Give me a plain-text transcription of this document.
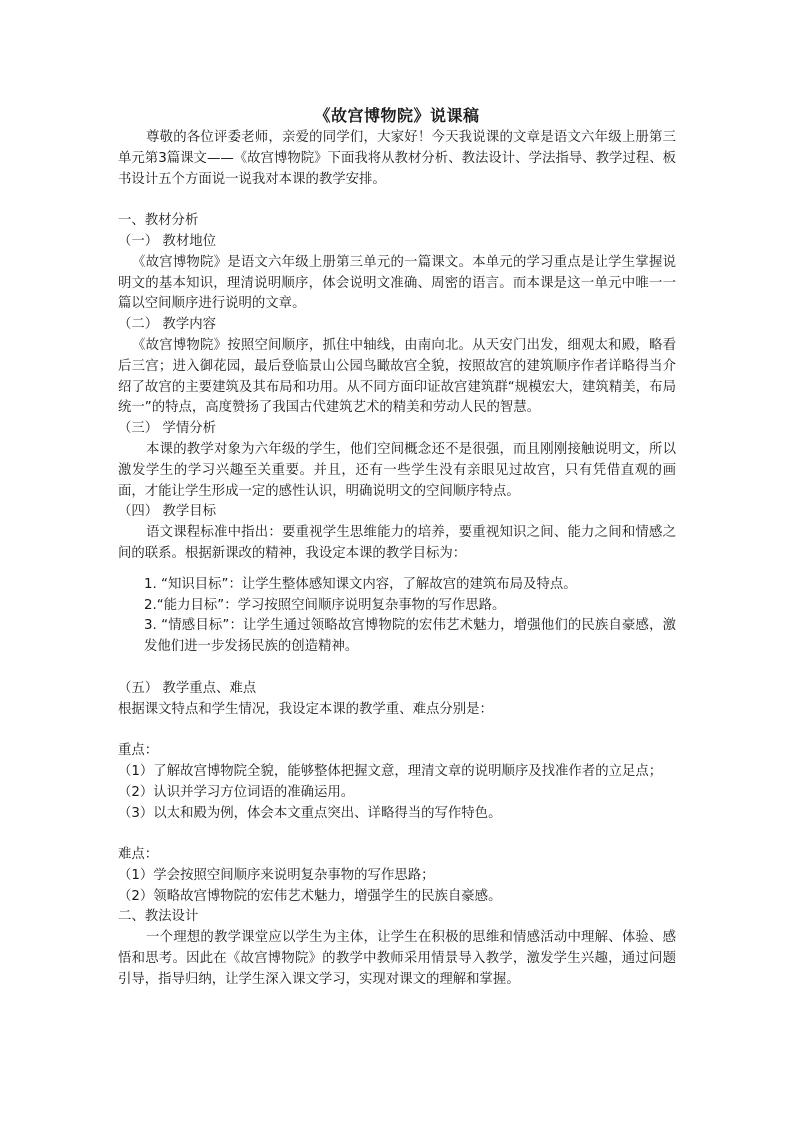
《故宫博物院》说课稿

尊敬的各位评委老师，亲爱的同学们，大家好！今天我说课的文章是语文六年级上册第三单元第3篇课文——《故宫博物院》下面我将从教材分析、教法设计、学法指导、教学过程、板书设计五个方面说一说我对本课的教学安排。

一、教材分析

（一） 教材地位

《故宫博物院》是语文六年级上册第三单元的一篇课文。本单元的学习重点是让学生掌握说明文的基本知识，理清说明顺序，体会说明文准确、周密的语言。而本课是这一单元中唯一一篇以空间顺序进行说明的文章。

（二） 教学内容

《故宫博物院》按照空间顺序，抓住中轴线，由南向北。从天安门出发，细观太和殿，略看后三宫；进入御花园，最后登临景山公园鸟瞰故宫全貌，按照故宫的建筑顺序作者详略得当介绍了故宫的主要建筑及其布局和功用。从不同方面印证故宫建筑群“规模宏大，建筑精美，布局统一”的特点，高度赞扬了我国古代建筑艺术的精美和劳动人民的智慧。

（三） 学情分析

本课的教学对象为六年级的学生，他们空间概念还不是很强，而且刚刚接触说明文，所以激发学生的学习兴趣至关重要。并且，还有一些学生没有亲眼见过故宫，只有凭借直观的画面，才能让学生形成一定的感性认识，明确说明文的空间顺序特点。

（四） 教学目标

语文课程标准中指出：要重视学生思维能力的培养，要重视知识之间、能力之间和情感之间的联系。根据新课改的精神，我设定本课的教学目标为：

1. “知识目标”：让学生整体感知课文内容，了解故宫的建筑布局及特点。

2.“能力目标”：学习按照空间顺序说明复杂事物的写作思路。

3. “情感目标”：让学生通过领略故宫博物院的宏伟艺术魅力，增强他们的民族自豪感，激发他们进一步发扬民族的创造精神。

（五） 教学重点、难点

根据课文特点和学生情况，我设定本课的教学重、难点分别是：

重点：

（1）了解故宫博物院全貌，能够整体把握文意，理清文章的说明顺序及找准作者的立足点；

（2）认识并学习方位词语的准确运用。

（3）以太和殿为例，体会本文重点突出、详略得当的写作特色。

难点：

（1）学会按照空间顺序来说明复杂事物的写作思路；

（2）领略故宫博物院的宏伟艺术魅力，增强学生的民族自豪感。

二、教法设计

一个理想的教学课堂应以学生为主体，让学生在积极的思维和情感活动中理解、体验、感悟和思考。因此在《故宫博物院》的教学中教师采用情景导入教学，激发学生兴趣，通过问题引导，指导归纳，让学生深入课文学习，实现对课文的理解和掌握。
